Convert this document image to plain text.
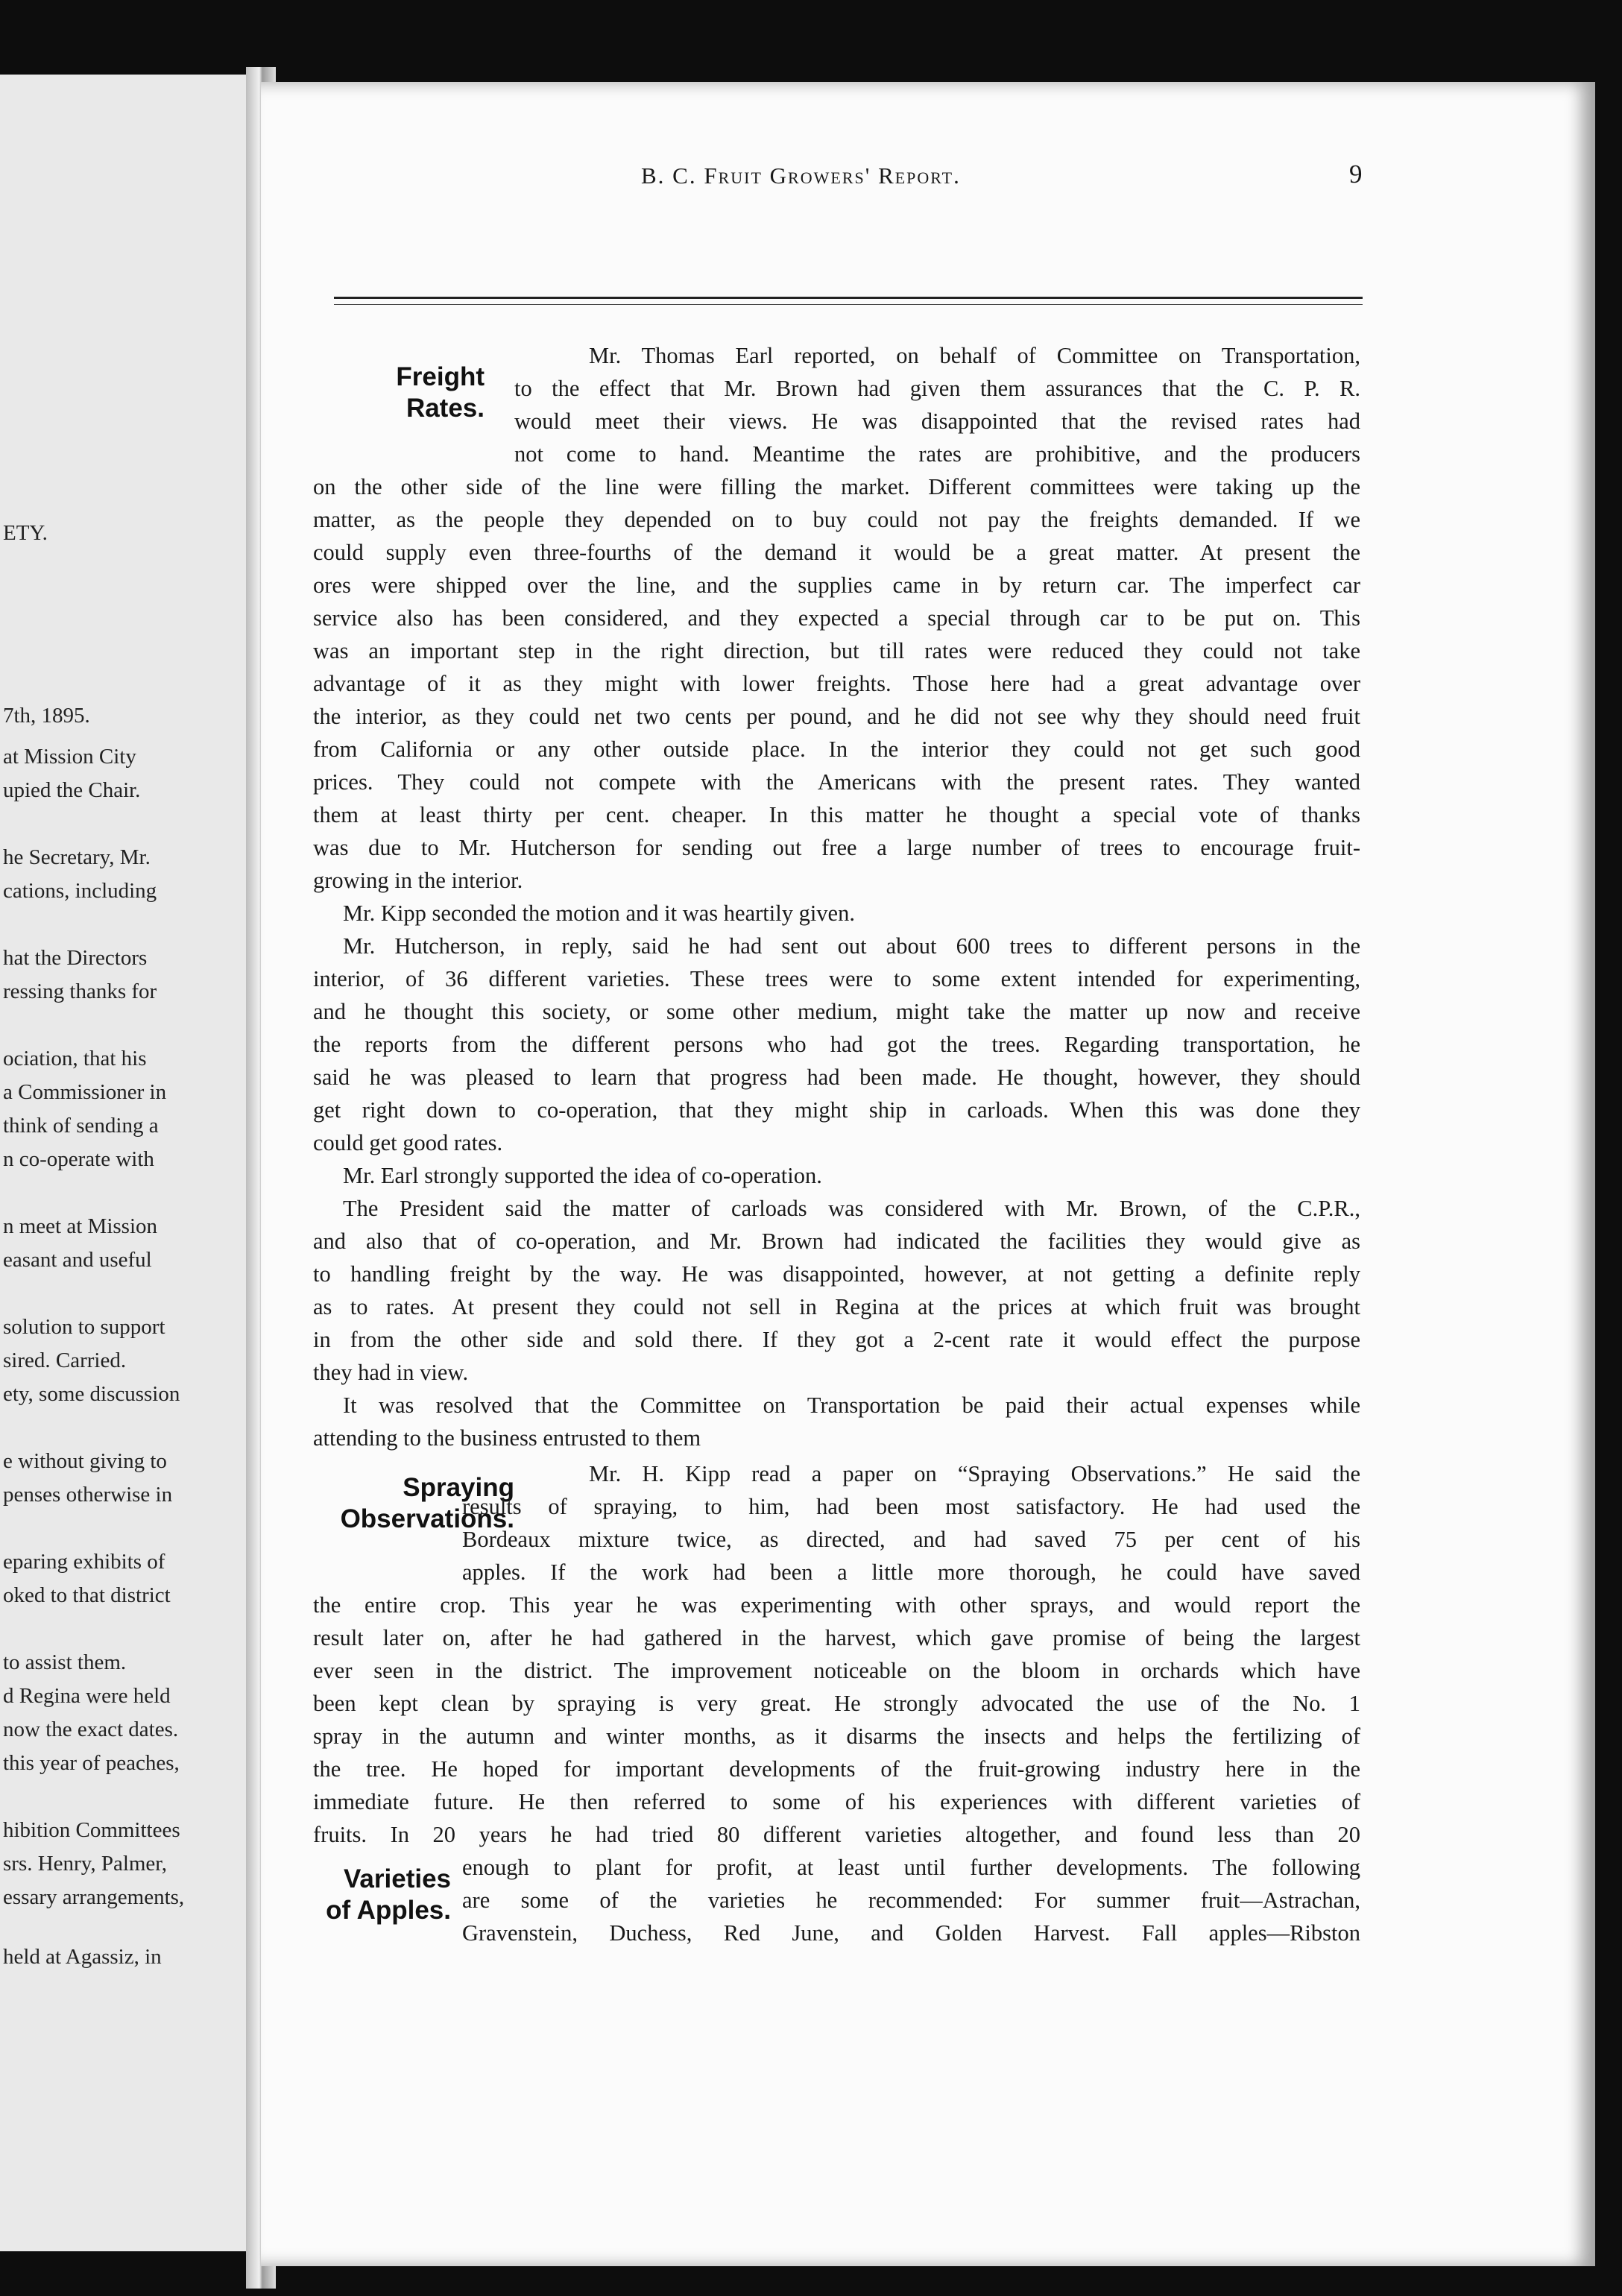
ETY.
7th, 1895.
at Mission City
upied the Chair.
he Secretary, Mr.
cations, including
hat the Directors
ressing thanks for
ociation, that his
a Commissioner in
think of sending a
n co-operate with
n meet at Mission
easant and useful
solution to support
sired. Carried.
ety, some discussion
e without giving to
penses otherwise in
eparing exhibits of
oked to that district
to assist them.
d Regina were held
now the exact dates.
this year of peaches,
hibition Committees
srs. Henry, Palmer,
essary arrangements,
held at Agassiz, in
B. C. Fruit Growers' Report.	9
Freight
Rates.
Spraying
Observations.
Varieties
of Apples.
Mr. Thomas Earl reported, on behalf of Committee on Transportation,
to the effect that Mr. Brown had given them assurances that the C. P. R.
would meet their views. He was disappointed that the revised rates had
not come to hand. Meantime the rates are prohibitive, and the producers
on the other side of the line were filling the market. Different committees were taking up the
matter, as the people they depended on to buy could not pay the freights demanded. If we
could supply even three-fourths of the demand it would be a great matter. At present the
ores were shipped over the line, and the supplies came in by return car. The imperfect car
service also has been considered, and they expected a special through car to be put on. This
was an important step in the right direction, but till rates were reduced they could not take
advantage of it as they might with lower freights. Those here had a great advantage over
the interior, as they could net two cents per pound, and he did not see why they should need fruit
from California or any other outside place. In the interior they could not get such good
prices. They could not compete with the Americans with the present rates. They wanted
them at least thirty per cent. cheaper. In this matter he thought a special vote of thanks
was due to Mr. Hutcherson for sending out free a large number of trees to encourage fruit-
growing in the interior.
Mr. Kipp seconded the motion and it was heartily given.
Mr. Hutcherson, in reply, said he had sent out about 600 trees to different persons in the
interior, of 36 different varieties. These trees were to some extent intended for experimenting,
and he thought this society, or some other medium, might take the matter up now and receive
the reports from the different persons who had got the trees. Regarding transportation, he
said he was pleased to learn that progress had been made. He thought, however, they should
get right down to co-operation, that they might ship in carloads. When this was done they
could get good rates.
Mr. Earl strongly supported the idea of co-operation.
The President said the matter of carloads was considered with Mr. Brown, of the C.P.R.,
and also that of co-operation, and Mr. Brown had indicated the facilities they would give as
to handling freight by the way. He was disappointed, however, at not getting a definite reply
as to rates. At present they could not sell in Regina at the prices at which fruit was brought
in from the other side and sold there. If they got a 2-cent rate it would effect the purpose
they had in view.
It was resolved that the Committee on Transportation be paid their actual expenses while
attending to the business entrusted to them
Mr. H. Kipp read a paper on “Spraying Observations.” He said the
results of spraying, to him, had been most satisfactory. He had used the
Bordeaux mixture twice, as directed, and had saved 75 per cent of his
apples. If the work had been a little more thorough, he could have saved
the entire crop. This year he was experimenting with other sprays, and would report the
result later on, after he had gathered in the harvest, which gave promise of being the largest
ever seen in the district. The improvement noticeable on the bloom in orchards which have
been kept clean by spraying is very great. He strongly advocated the use of the No. 1
spray in the autumn and winter months, as it disarms the insects and helps the fertilizing of
the tree. He hoped for important developments of the fruit-growing industry here in the
immediate future. He then referred to some of his experiences with different varieties of
fruits. In 20 years he had tried 80 different varieties altogether, and found less than 20
enough to plant for profit, at least until further developments. The following
are some of the varieties he recommended: For summer fruit—Astrachan,
Gravenstein, Duchess, Red June, and Golden Harvest. Fall apples—Ribston
